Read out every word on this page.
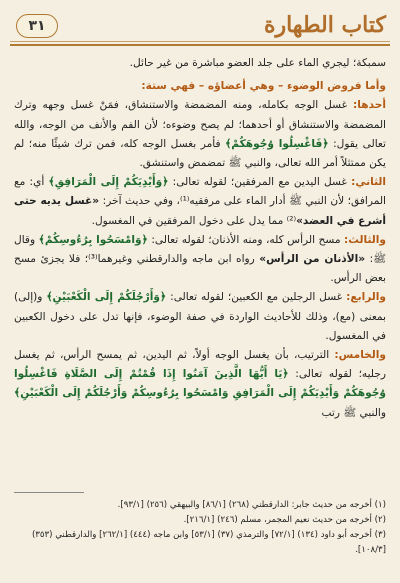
كتاب الطهارة
٣١

سمبكة؛ ليجري الماء على جلد العضو مباشرة من غير حائل.

وأما فروض الوضوء – وهي أعضاؤه – فهي ستة:

أحدها: غسل الوجه بكامله، ومنه المضمضة والاستنشاق، فمَنْ غسل وجهه وترك المضمضة والاستنشاق أو أحدهما؛ لم يصح وضوءه؛ لأن الفم والأنف من الوجه، والله تعالى يقول: ﴿فَاغْسِلُوا وُجُوهَكُمْ﴾ فأمر بغسل الوجه كله، فمن ترك شيئًا منه؛ لم يكن ممتثلاً أمر الله تعالى، والنبي ﷺ تمضمض واستنشق.

الثاني: غسل اليدين مع المرفقين؛ لقوله تعالى: ﴿وَأَيْدِيَكُمْ إِلَى الْمَرَافِقِ﴾ أي: مع المرافق؛ لأن النبي ﷺ أدار الماء على مرفقيه⁽¹⁾، وفي حديث آخر: «غسل يديه حتى أشرع في العضد»⁽²⁾ مما يدل على دخول المرفقين في المغسول.

والثالث: مسح الرأس كله، ومنه الأذنان؛ لقوله تعالى: ﴿وَامْسَحُوا بِرُءُوسِكُمْ﴾ وقال ﷺ: «الأذنان من الرأس» رواه ابن ماجه والدارقطني وغيرهما⁽³⁾؛ فلا يجزئ مسح بعض الرأس.

والرابع: غسل الرجلين مع الكعبين؛ لقوله تعالى: ﴿وَأَرْجُلَكُمْ إِلَى الْكَعْبَيْنِ﴾ و(إلى) بمعنى (مع)، وذلك للأحاديث الواردة في صفة الوضوء، فإنها تدل على دخول الكعبين في المغسول.

والخامس: الترتيب، بأن يغسل الوجه أولاً، ثم اليدين، ثم يمسح الرأس، ثم يغسل رجليه؛ لقوله تعالى: ﴿يَا أَيُّهَا الَّذِينَ آمَنُوا إِذَا قُمْتُمْ إِلَى الصَّلَاةِ فَاغْسِلُوا وُجُوهَكُمْ وَأَيْدِيَكُمْ إِلَى الْمَرَافِقِ وَامْسَحُوا بِرُءُوسِكُمْ وَأَرْجُلَكُمْ إِلَى الْكَعْبَيْنِ﴾ والنبي ﷺ رتب

(١) أخرجه من حديث جابر: الدارقطني (٢٦٨) [٨٦/١] والبيهقي (٢٥٦) [٩٣/١].

(٢) أخرجه من حديث نعيم المجمر، مسلم (٢٤٦) [٢١٦/١].

(٣) أخرجه أبو داود (١٣٤) [٧٢/١] والترمذي (٣٧) [٥٣/١] وابن ماجه (٤٤٤) [٢٦٢/١] والدارقطني (٣٥٣)

[١٠٨/٣].
